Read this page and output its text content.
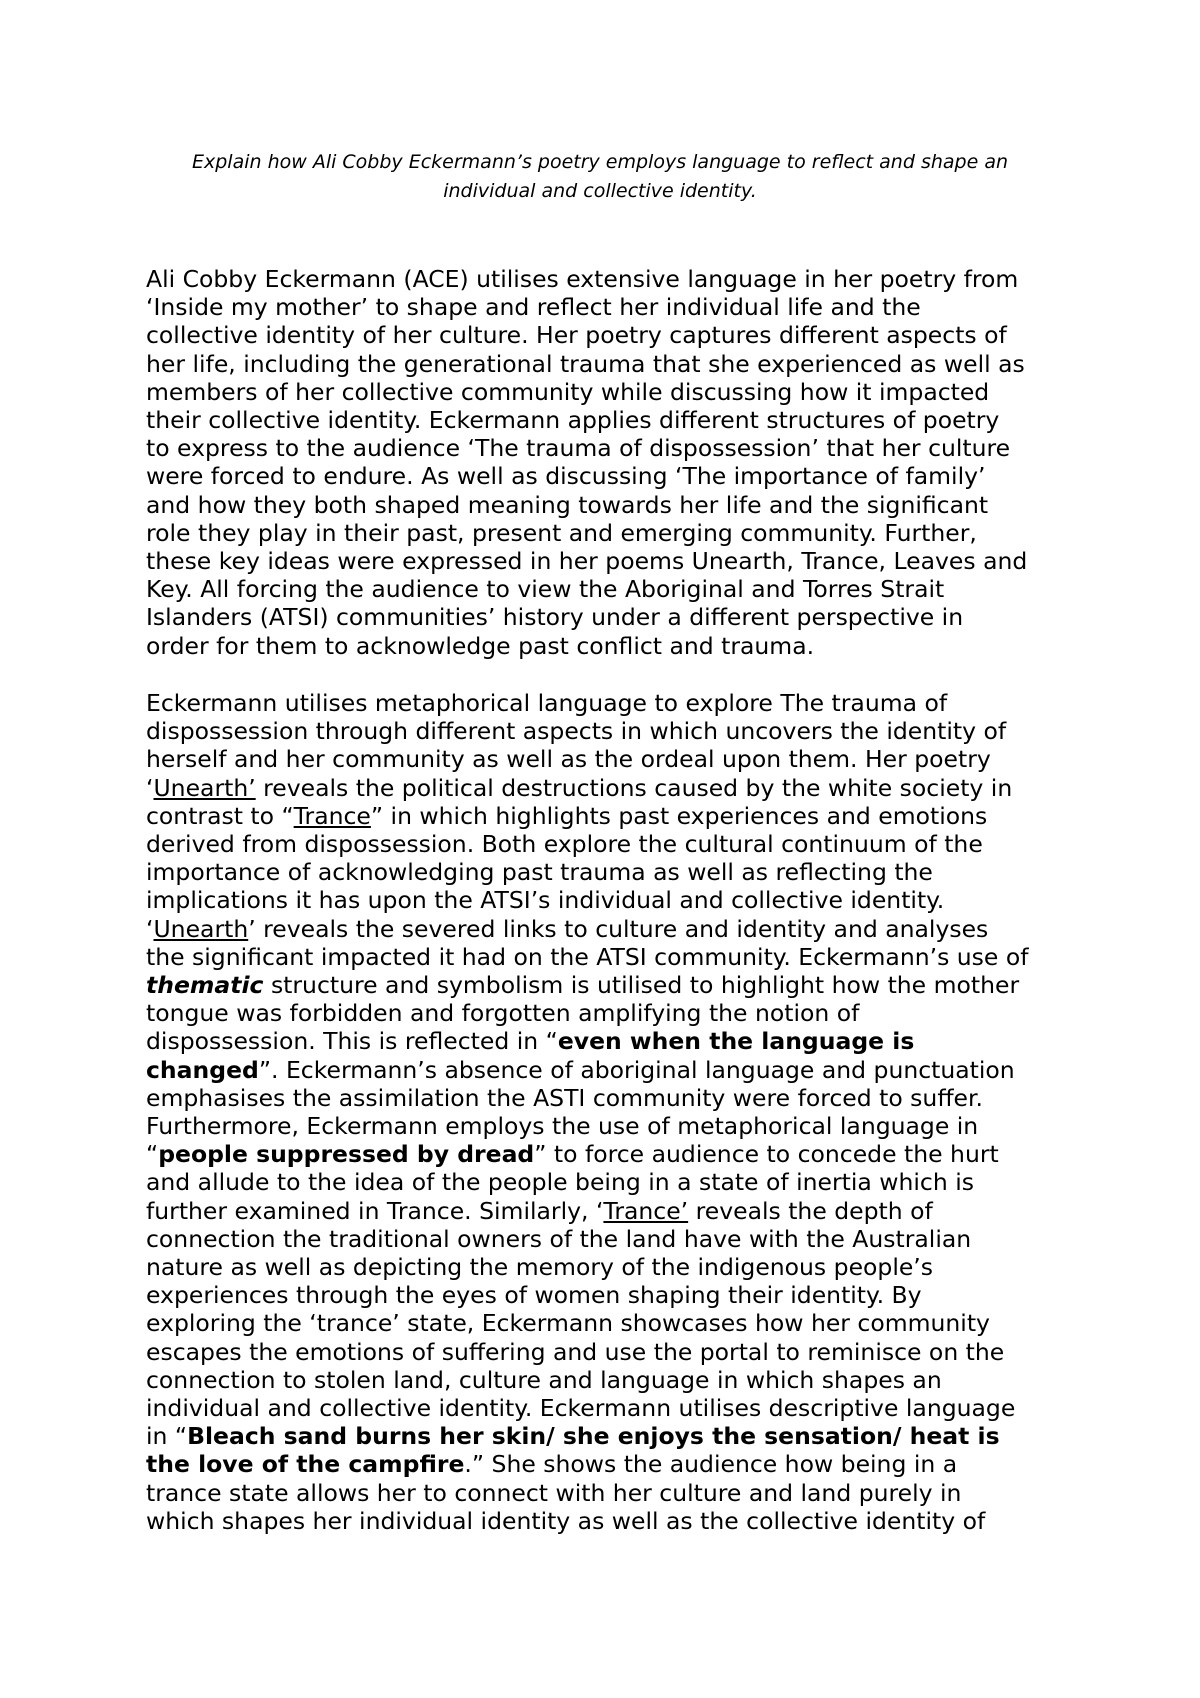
Explain how Ali Cobby Eckermann’s poetry employs language to reflect and shape an
individual and collective identity.
Ali Cobby Eckermann (ACE) utilises extensive language in her poetry from
‘Inside my mother’ to shape and reflect her individual life and the
collective identity of her culture. Her poetry captures different aspects of
her life, including the generational trauma that she experienced as well as
members of her collective community while discussing how it impacted
their collective identity. Eckermann applies different structures of poetry
to express to the audience ‘The trauma of dispossession’ that her culture
were forced to endure. As well as discussing ‘The importance of family’
and how they both shaped meaning towards her life and the significant
role they play in their past, present and emerging community. Further,
these key ideas were expressed in her poems Unearth, Trance, Leaves and
Key. All forcing the audience to view the Aboriginal and Torres Strait
Islanders (ATSI) communities’ history under a different perspective in
order for them to acknowledge past conflict and trauma.
Eckermann utilises metaphorical language to explore The trauma of
dispossession through different aspects in which uncovers the identity of
herself and her community as well as the ordeal upon them. Her poetry
‘Unearth’ reveals the political destructions caused by the white society in
contrast to “Trance” in which highlights past experiences and emotions
derived from dispossession. Both explore the cultural continuum of the
importance of acknowledging past trauma as well as reflecting the
implications it has upon the ATSI’s individual and collective identity.
‘Unearth’ reveals the severed links to culture and identity and analyses
the significant impacted it had on the ATSI community. Eckermann’s use of
thematic structure and symbolism is utilised to highlight how the mother
tongue was forbidden and forgotten amplifying the notion of
dispossession. This is reflected in “even when the language is
changed”. Eckermann’s absence of aboriginal language and punctuation
emphasises the assimilation the ASTI community were forced to suffer.
Furthermore, Eckermann employs the use of metaphorical language in
“people suppressed by dread” to force audience to concede the hurt
and allude to the idea of the people being in a state of inertia which is
further examined in Trance. Similarly, ‘Trance’ reveals the depth of
connection the traditional owners of the land have with the Australian
nature as well as depicting the memory of the indigenous people’s
experiences through the eyes of women shaping their identity. By
exploring the ‘trance’ state, Eckermann showcases how her community
escapes the emotions of suffering and use the portal to reminisce on the
connection to stolen land, culture and language in which shapes an
individual and collective identity. Eckermann utilises descriptive language
in “Bleach sand burns her skin/ she enjoys the sensation/ heat is
the love of the campfire.” She shows the audience how being in a
trance state allows her to connect with her culture and land purely in
which shapes her individual identity as well as the collective identity of
